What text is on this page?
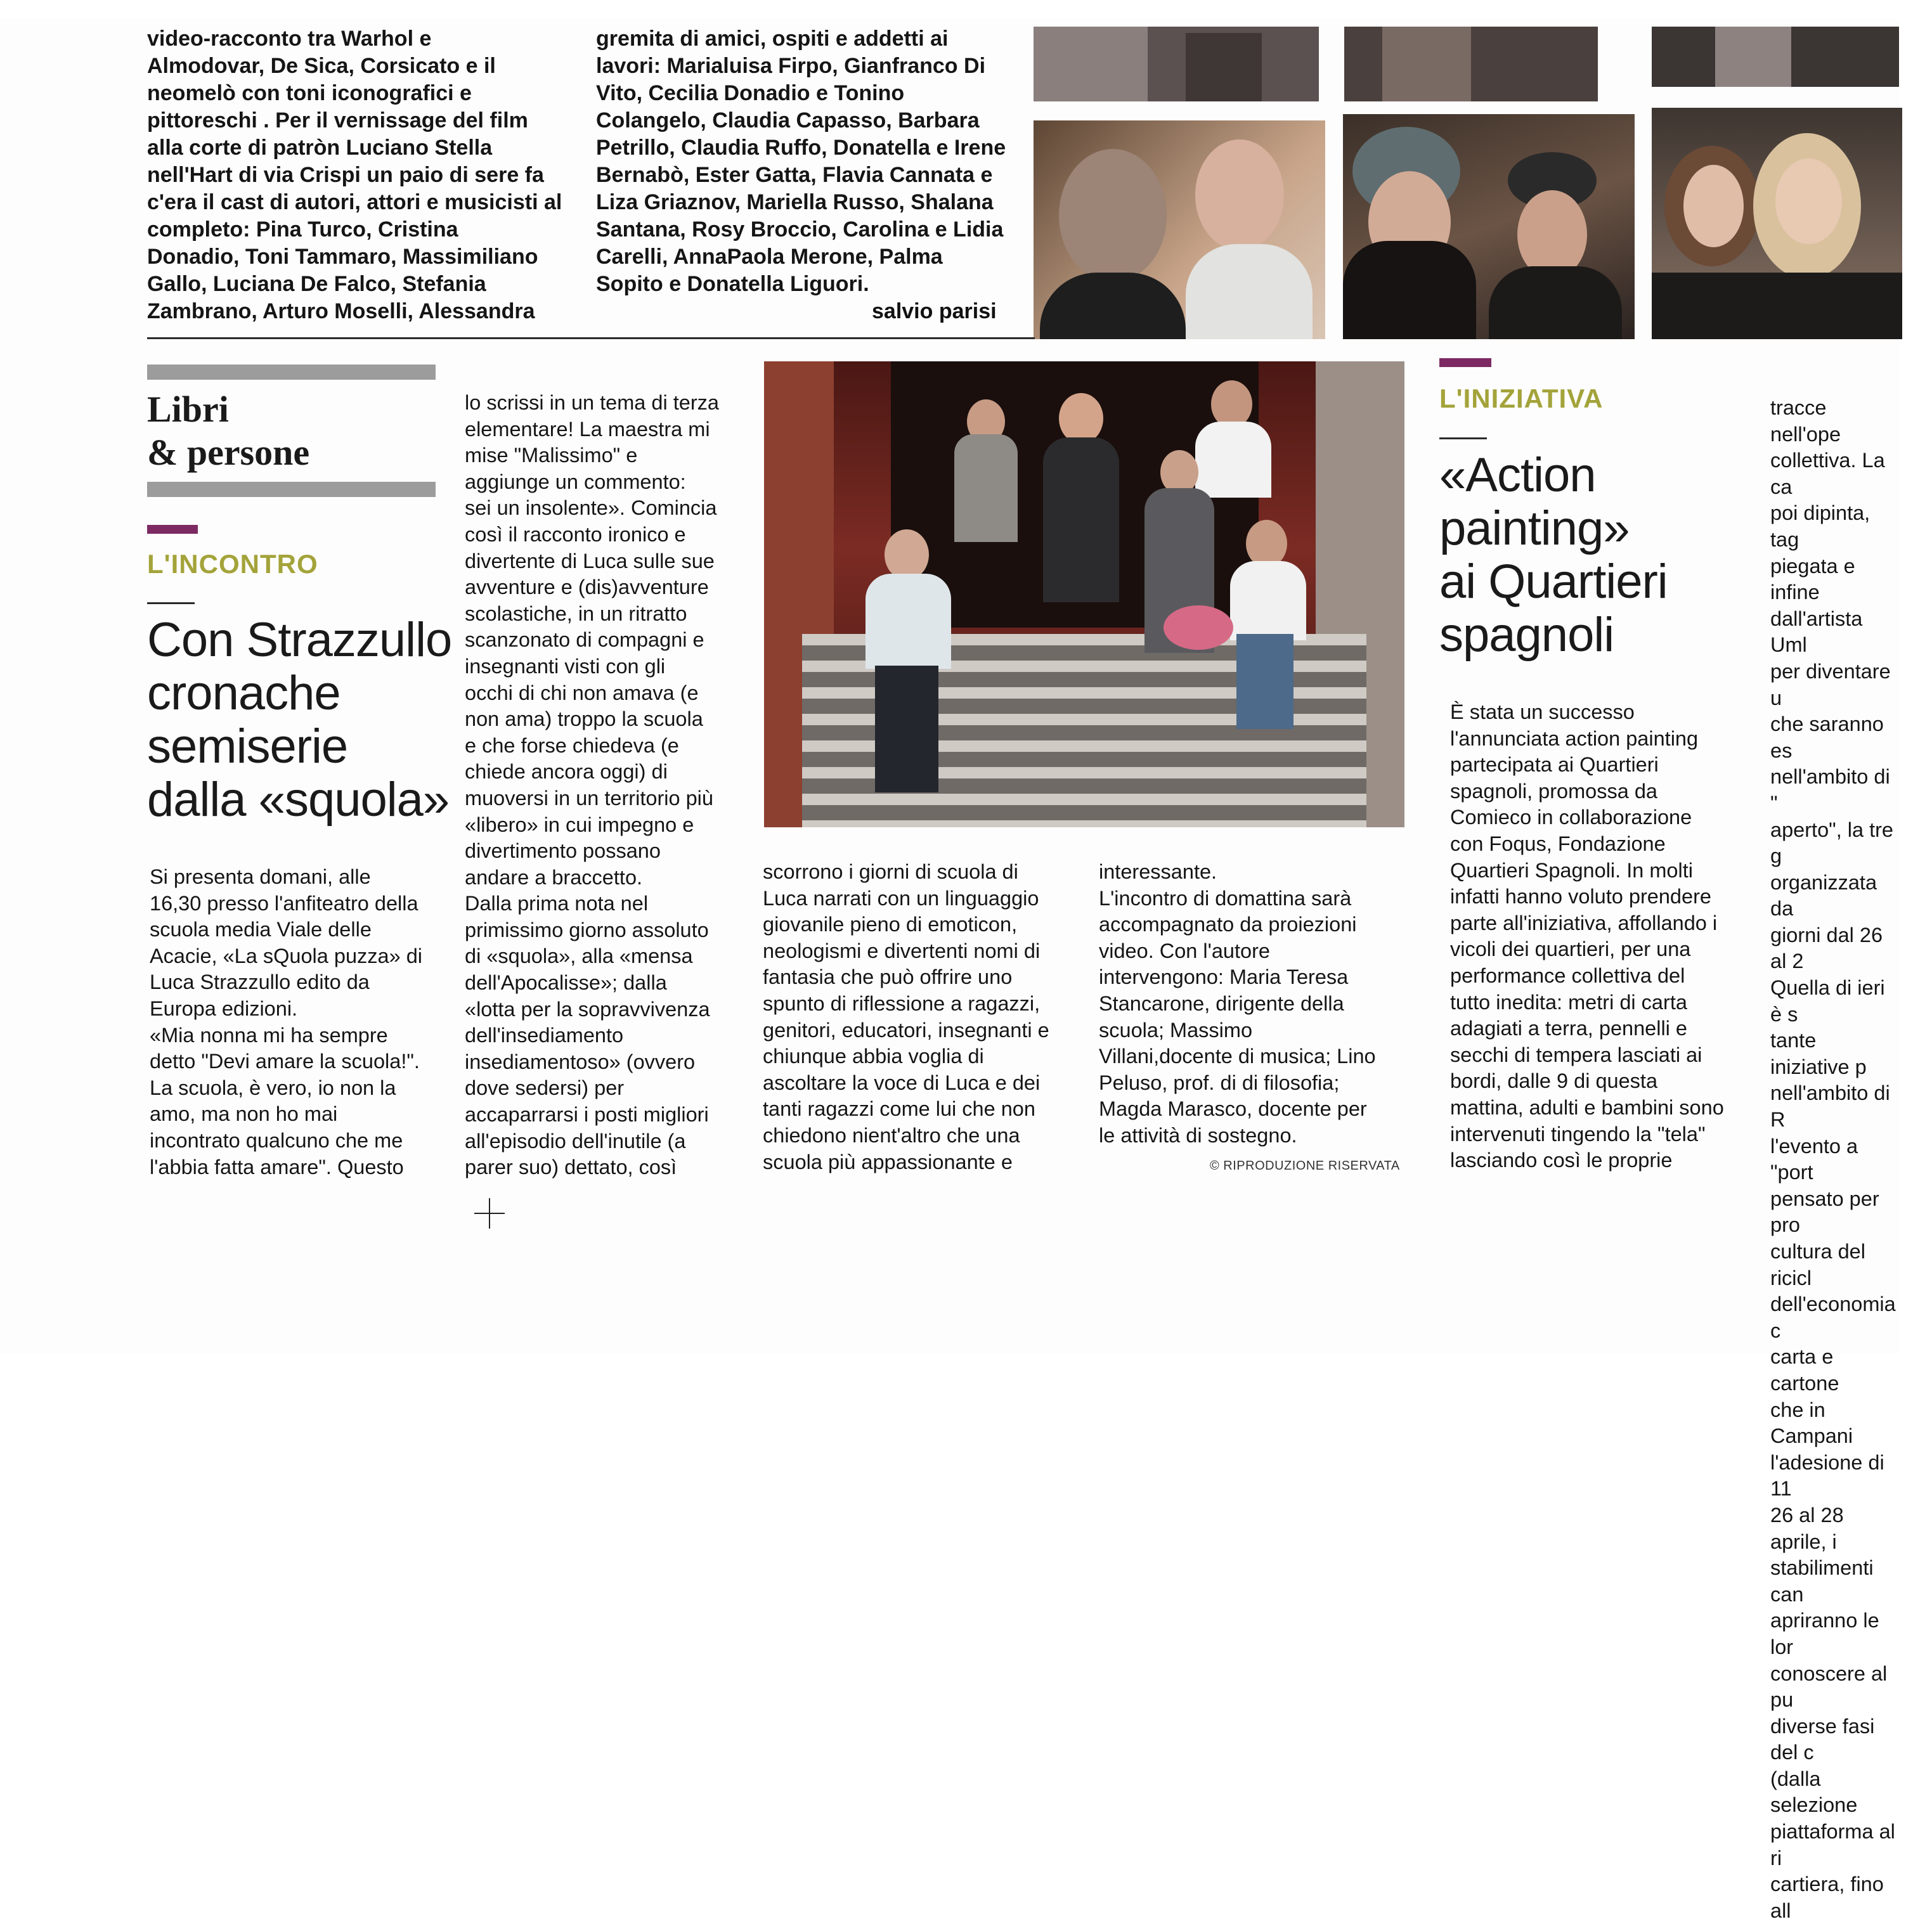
video-racconto tra Warhol e
Almodovar, De Sica, Corsicato e il
neomelò con toni iconografici e
pittoreschi . Per il vernissage del film
alla corte di patròn Luciano Stella
nell'Hart di via Crispi un paio di sere fa
c'era il cast di autori, attori e musicisti al
completo: Pina Turco, Cristina
Donadio, Toni Tammaro, Massimiliano
Gallo, Luciana De Falco, Stefania
Zambrano, Arturo Moselli, Alessandra
gremita di amici, ospiti e addetti ai
lavori: Marialuisa Firpo, Gianfranco Di
Vito, Cecilia Donadio e Tonino
Colangelo, Claudia Capasso, Barbara
Petrillo, Claudia Ruffo, Donatella e Irene
Bernabò, Ester Gatta, Flavia Cannata e
Liza Griaznov, Mariella Russo, Shalana
Santana, Rosy Broccio, Carolina e Lidia
Carelli, AnnaPaola Merone, Palma
Sopito e Donatella Liguori.
salvio parisi
Libri
& persone
L'INCONTRO
Con Strazzullo
cronache
semiserie
dalla «squola»
Si presenta domani, alle
16,30 presso l'anfiteatro della
scuola media Viale delle
Acacie, «La sQuola puzza» di
Luca Strazzullo edito da
Europa edizioni.
«Mia nonna mi ha sempre
detto "Devi amare la scuola!".
La scuola, è vero, io non la
amo, ma non ho mai
incontrato qualcuno che me
l'abbia fatta amare". Questo
lo scrissi in un tema di terza
elementare! La maestra mi
mise "Malissimo" e
aggiunge un commento:
sei un insolente». Comincia
così il racconto ironico e
divertente di Luca sulle sue
avventure e (dis)avventure
scolastiche, in un ritratto
scanzonato di compagni e
insegnanti visti con gli
occhi di chi non amava (e
non ama) troppo la scuola
e che forse chiedeva (e
chiede ancora oggi) di
muoversi in un territorio più
«libero» in cui impegno e
divertimento possano
andare a braccetto.
Dalla prima nota nel
primissimo giorno assoluto
di «squola», alla «mensa
dell'Apocalisse»; dalla
«lotta per la sopravvivenza
dell'insediamento
insediamentoso» (ovvero
dove sedersi) per
accaparrarsi i posti migliori
all'episodio dell'inutile (a
parer suo) dettato, così
scorrono i giorni di scuola di
Luca narrati con un linguaggio
giovanile pieno di emoticon,
neologismi e divertenti nomi di
fantasia che può offrire uno
spunto di riflessione a ragazzi,
genitori, educatori, insegnanti e
chiunque abbia voglia di
ascoltare la voce di Luca e dei
tanti ragazzi come lui che non
chiedono nient'altro che una
scuola più appassionante e
interessante.
L'incontro di domattina sarà
accompagnato da proiezioni
video. Con l'autore
intervengono: Maria Teresa
Stancarone, dirigente della
scuola; Massimo
Villani,docente di musica; Lino
Peluso, prof. di di filosofia;
Magda Marasco, docente per
le attività di sostegno.
© RIPRODUZIONE RISERVATA
L'INIZIATIVA
«Action
painting»
ai Quartieri
spagnoli
È stata un successo
l'annunciata action painting
partecipata ai Quartieri
spagnoli, promossa da
Comieco in collaborazione
con Foqus, Fondazione
Quartieri Spagnoli. In molti
infatti hanno voluto prendere
parte all'iniziativa, affollando i
vicoli dei quartieri, per una
performance collettiva del
tutto inedita: metri di carta
adagiati a terra, pennelli e
secchi di tempera lasciati ai
bordi, dalle 9 di questa
mattina, adulti e bambini sono
intervenuti tingendo la "tela"
lasciando così le proprie
tracce nell'ope
collettiva. La ca
poi dipinta, tag
piegata e infine
dall'artista Uml
per diventare u
che saranno es
nell'ambito di "
aperto", la tre g
organizzata da
giorni dal 26 al 2
Quella di ieri è s
tante iniziative p
nell'ambito di R
l'evento a "port
pensato per pro
cultura del ricicl
dell'economia c
carta e cartone
che in Campani
l'adesione di 11
26 al 28 aprile, i
stabilimenti can
apriranno le lor
conoscere al pu
diverse fasi del c
(dalla selezione
piattaforma al ri
cartiera, fino all
